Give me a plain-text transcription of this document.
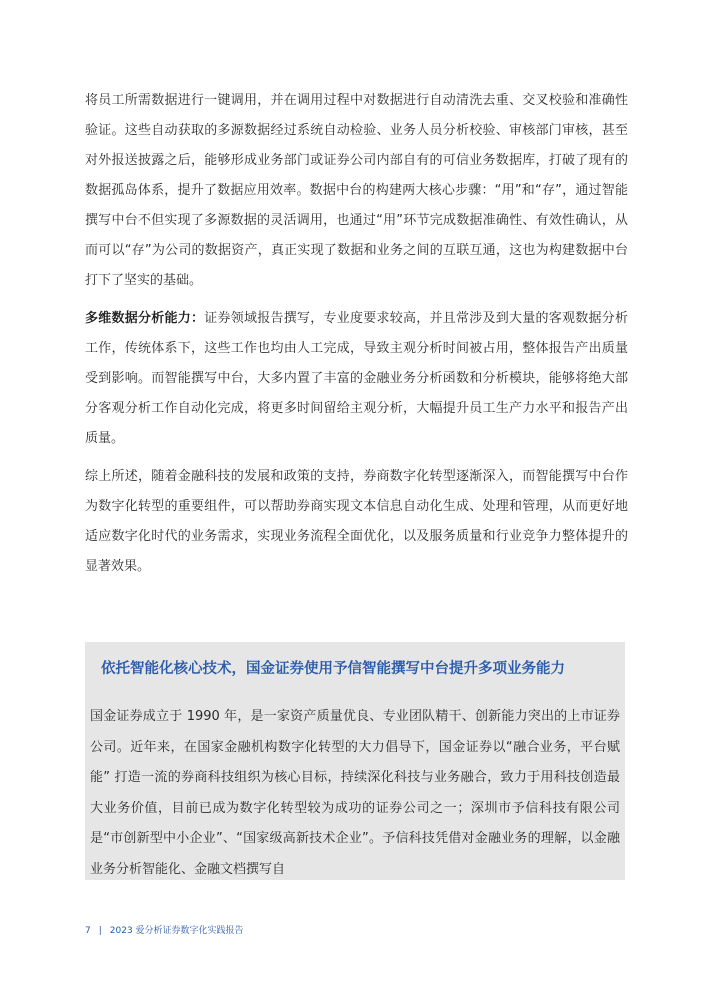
将员工所需数据进行一键调用，并在调用过程中对数据进行自动清洗去重、交叉校验和准确性验证。这些自动获取的多源数据经过系统自动检验、业务人员分析校验、审核部门审核，甚至对外报送披露之后，能够形成业务部门或证券公司内部自有的可信业务数据库，打破了现有的数据孤岛体系，提升了数据应用效率。数据中台的构建两大核心步骤：“用”和“存”，通过智能撰写中台不但实现了多源数据的灵活调用，也通过“用”环节完成数据准确性、有效性确认，从而可以“存”为公司的数据资产，真正实现了数据和业务之间的互联互通，这也为构建数据中台打下了坚实的基础。

多维数据分析能力：证券领域报告撰写，专业度要求较高，并且常涉及到大量的客观数据分析工作，传统体系下，这些工作也均由人工完成，导致主观分析时间被占用，整体报告产出质量受到影响。而智能撰写中台，大多内置了丰富的金融业务分析函数和分析模块，能够将绝大部分客观分析工作自动化完成，将更多时间留给主观分析，大幅提升员工生产力水平和报告产出质量。

综上所述，随着金融科技的发展和政策的支持，券商数字化转型逐渐深入，而智能撰写中台作为数字化转型的重要组件，可以帮助券商实现文本信息自动化生成、处理和管理，从而更好地适应数字化时代的业务需求，实现业务流程全面优化，以及服务质量和行业竞争力整体提升的显著效果。

依托智能化核心技术，国金证券使用予信智能撰写中台提升多项业务能力

国金证券成立于 1990 年，是一家资产质量优良、专业团队精干、创新能力突出的上市证券公司。近年来，在国家金融机构数字化转型的大力倡导下，国金证券以“融合业务，平台赋能” 打造一流的券商科技组织为核心目标，持续深化科技与业务融合，致力于用科技创造最大业务价值，目前已成为数字化转型较为成功的证券公司之一；深圳市予信科技有限公司是“市创新型中小企业”、“国家级高新技术企业”。予信科技凭借对金融业务的理解，以金融业务分析智能化、金融文档撰写自

7 | 2023 爱分析证券数字化实践报告
